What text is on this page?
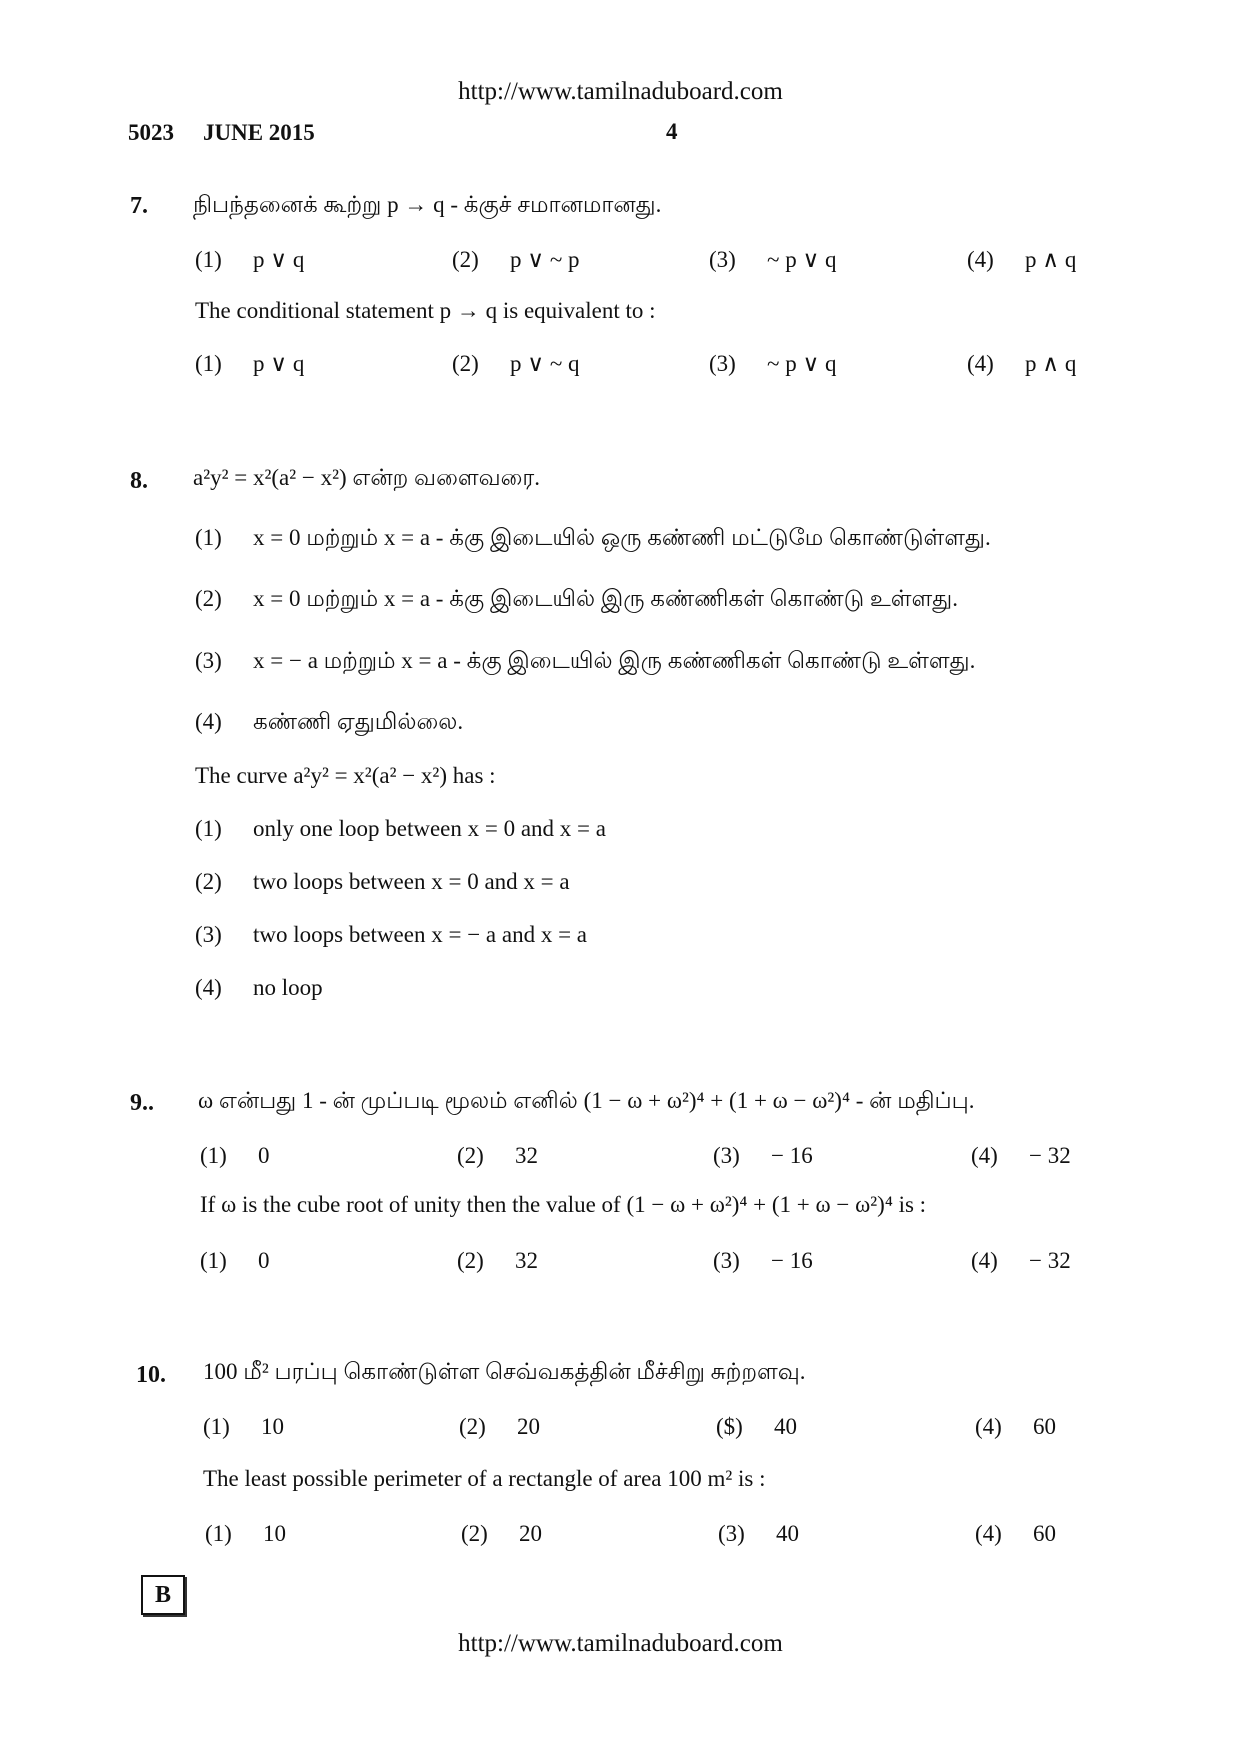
http://www.tamilnaduboard.com
5023 JUNE 2015	4
7. நிபந்தனைக் கூற்று p → q - க்குச் சமானமானது.
(1) p ∨ q	(2) p ∨ ~ p	(3) ~ p ∨ q	(4) p ∧ q
The conditional statement p → q is equivalent to :
(1) p ∨ q	(2) p ∨ ~ q	(3) ~ p ∨ q	(4) p ∧ q
8. a²y² = x²(a² − x²) என்ற வளைவரை.
(1) x = 0 மற்றும் x = a - க்கு இடையில் ஒரு கண்ணி மட்டுமே கொண்டுள்ளது.
(2) x = 0 மற்றும் x = a - க்கு இடையில் இரு கண்ணிகள் கொண்டு உள்ளது.
(3) x = − a மற்றும் x = a - க்கு இடையில் இரு கண்ணிகள் கொண்டு உள்ளது.
(4) கண்ணி ஏதுமில்லை.
The curve a²y² = x²(a² − x²) has :
(1) only one loop between x = 0 and x = a
(2) two loops between x = 0 and x = a
(3) two loops between x = − a and x = a
(4) no loop
9.. ω என்பது 1 - ன் முப்படி மூலம் எனில் (1 − ω + ω²)⁴ + (1 + ω − ω²)⁴ - ன் மதிப்பு.
(1) 0	(2) 32	(3) − 16	(4) − 32
If ω is the cube root of unity then the value of (1 − ω + ω²)⁴ + (1 + ω − ω²)⁴ is :
(1) 0	(2) 32	(3) − 16	(4) − 32
10. 100 மீ² பரப்பு கொண்டுள்ள செவ்வகத்தின் மீச்சிறு சுற்றளவு.
(1) 10	(2) 20	($) 40	(4) 60
The least possible perimeter of a rectangle of area 100 m² is :
(1) 10	(2) 20	(3) 40	(4) 60
B
http://www.tamilnaduboard.com
